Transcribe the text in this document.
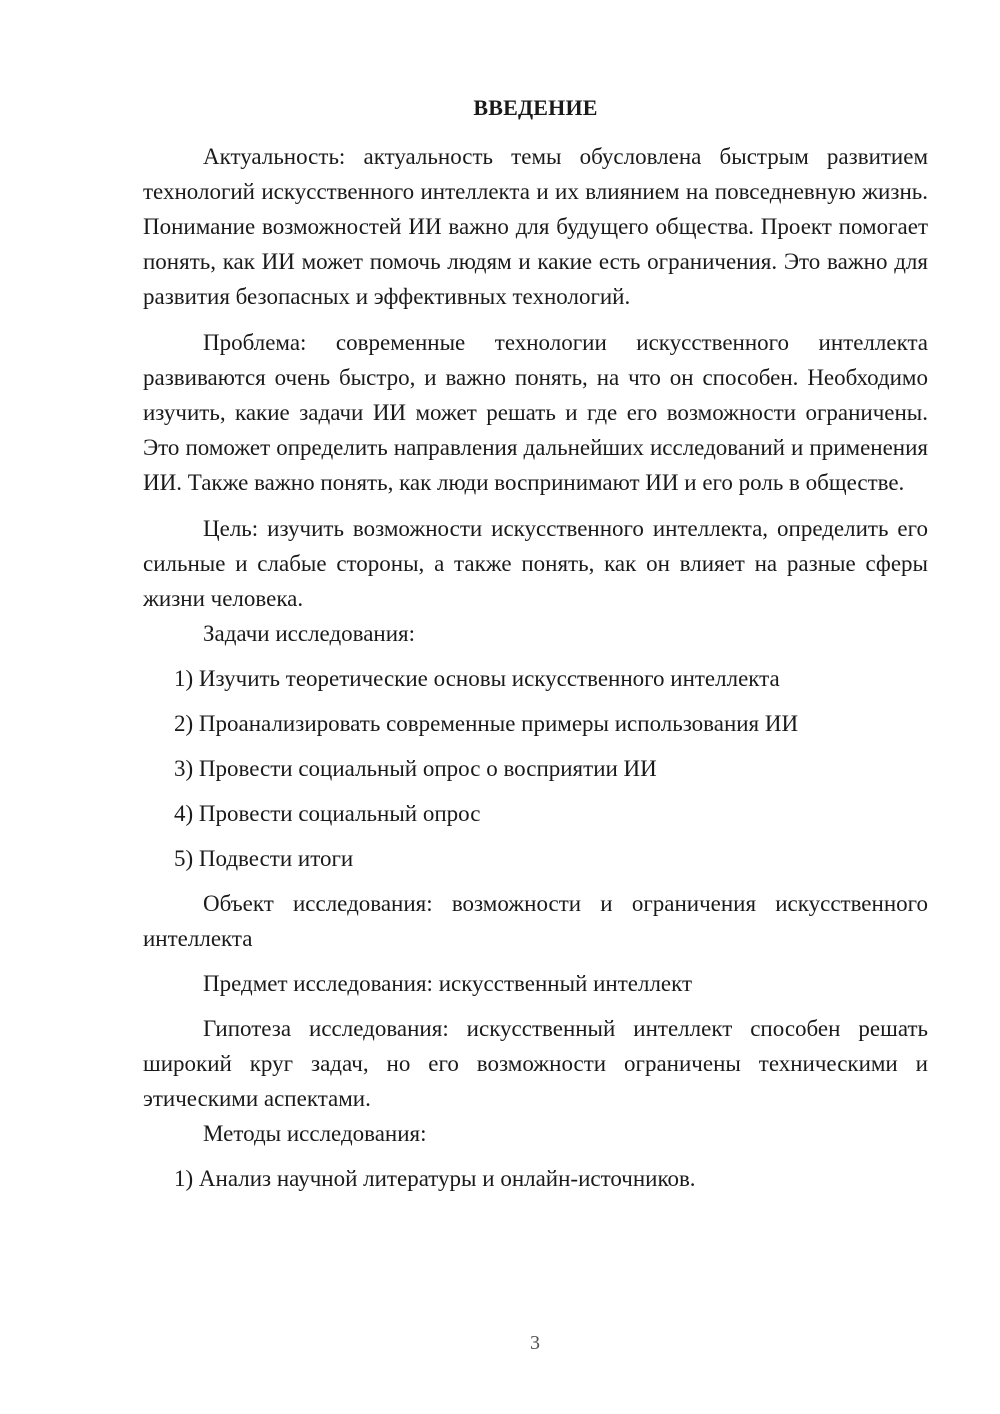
ВВЕДЕНИЕ

Актуальность: актуальность темы обусловлена быстрым развитием технологий искусственного интеллекта и их влиянием на повседневную жизнь. Понимание возможностей ИИ важно для будущего общества. Проект помогает понять, как ИИ может помочь людям и какие есть ограничения. Это важно для развития безопасных и эффективных технологий.

Проблема: современные технологии искусственного интеллекта развиваются очень быстро, и важно понять, на что он способен. Необходимо изучить, какие задачи ИИ может решать и где его возможности ограничены. Это поможет определить направления дальнейших исследований и применения ИИ. Также важно понять, как люди воспринимают ИИ и его роль в обществе.

Цель: изучить возможности искусственного интеллекта, определить его сильные и слабые стороны, а также понять, как он влияет на разные сферы жизни человека.

Задачи исследования:

1) Изучить теоретические основы искусственного интеллекта

2) Проанализировать современные примеры использования ИИ

3) Провести социальный опрос о восприятии ИИ

4) Провести социальный опрос

5) Подвести итоги

Объект исследования: возможности и ограничения искусственного интеллекта

Предмет исследования: искусственный интеллект

Гипотеза исследования: искусственный интеллект способен решать широкий круг задач, но его возможности ограничены техническими и этическими аспектами.

Методы исследования:

1) Анализ научной литературы и онлайн-источников.

3
